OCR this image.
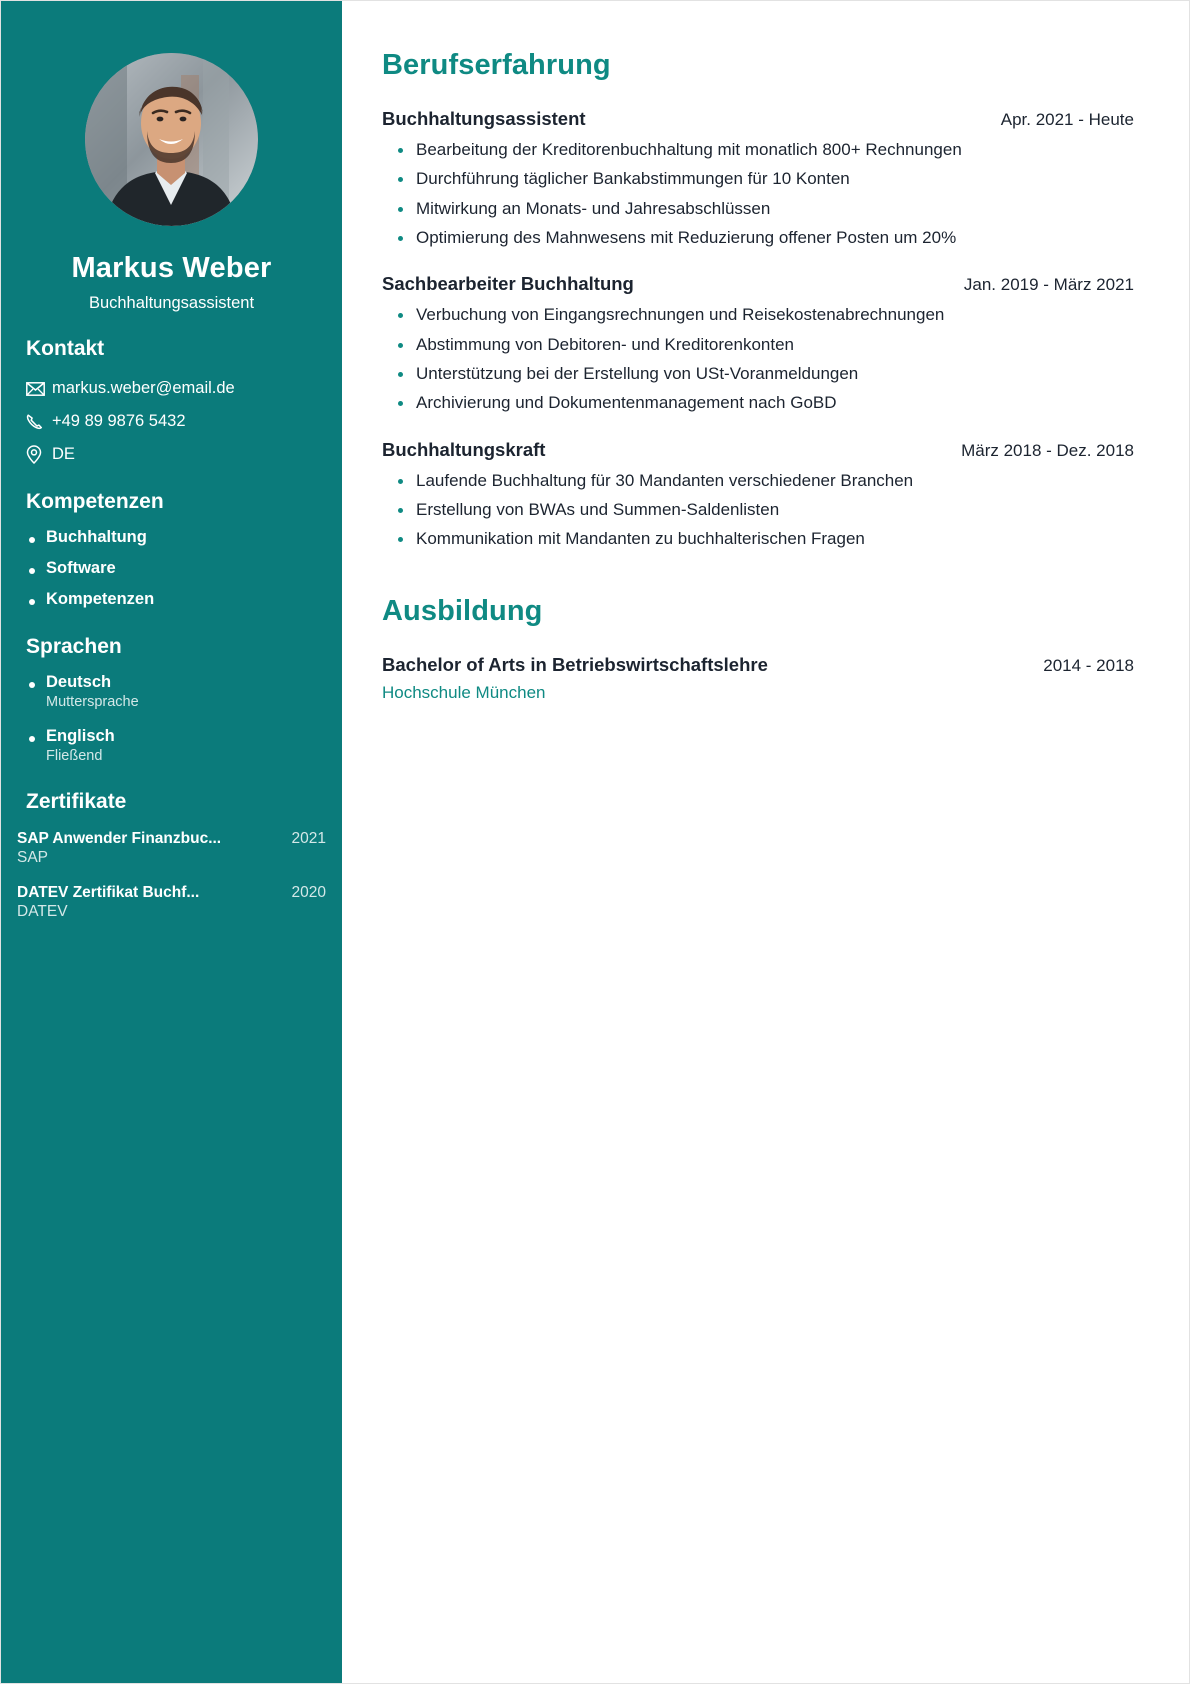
Markus Weber
Buchhaltungsassistent
Kontakt
markus.weber@email.de
+49 89 9876 5432
DE
Kompetenzen
Buchhaltung
Software
Kompetenzen
Sprachen
Deutsch
Muttersprache
Englisch
Fließend
Zertifikate
SAP Anwender Finanzbuc...	2021
SAP
DATEV Zertifikat Buchf...	2020
DATEV
Berufserfahrung
Buchhaltungsassistent	Apr. 2021 - Heute
Bearbeitung der Kreditorenbuchhaltung mit monatlich 800+ Rechnungen
Durchführung täglicher Bankabstimmungen für 10 Konten
Mitwirkung an Monats- und Jahresabschlüssen
Optimierung des Mahnwesens mit Reduzierung offener Posten um 20%
Sachbearbeiter Buchhaltung	Jan. 2019 - März 2021
Verbuchung von Eingangsrechnungen und Reisekostenabrechnungen
Abstimmung von Debitoren- und Kreditorenkonten
Unterstützung bei der Erstellung von USt-Voranmeldungen
Archivierung und Dokumentenmanagement nach GoBD
Buchhaltungskraft	März 2018 - Dez. 2018
Laufende Buchhaltung für 30 Mandanten verschiedener Branchen
Erstellung von BWAs und Summen-Saldenlisten
Kommunikation mit Mandanten zu buchhalterischen Fragen
Ausbildung
Bachelor of Arts in Betriebswirtschaftslehre	2014 - 2018
Hochschule München
